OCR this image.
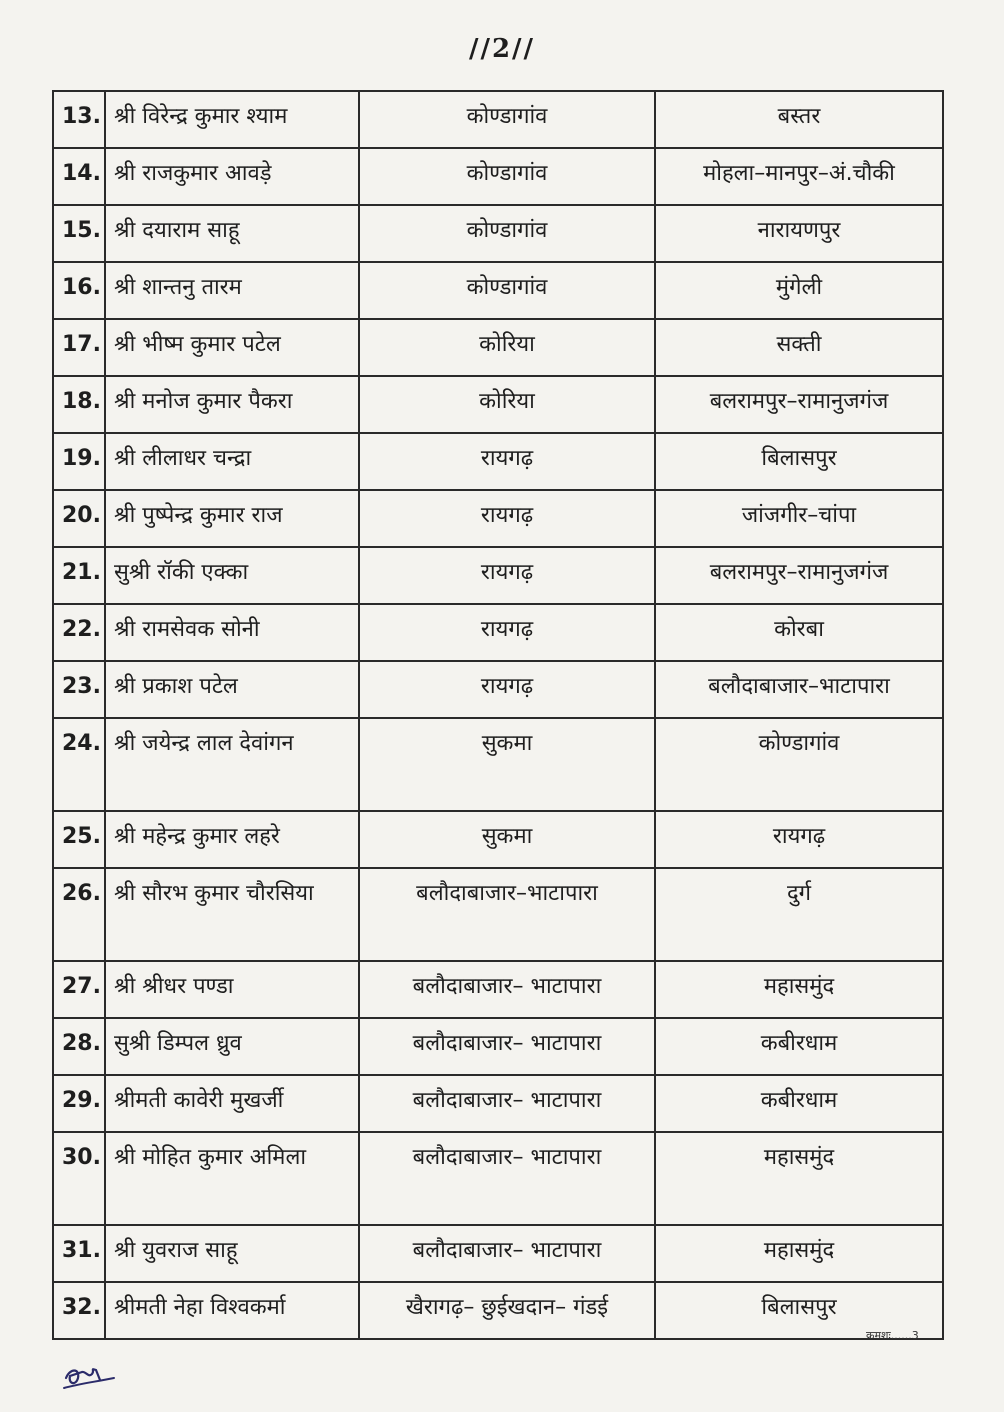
//2//
13.	श्री विरेन्द्र कुमार श्याम	कोण्डागांव	बस्तर
14.	श्री राजकुमार आवड़े	कोण्डागांव	मोहला–मानपुर–अं.चौकी
15.	श्री दयाराम साहू	कोण्डागांव	नारायणपुर
16.	श्री शान्तनु तारम	कोण्डागांव	मुंगेली
17.	श्री भीष्म कुमार पटेल	कोरिया	सक्ती
18.	श्री मनोज कुमार पैकरा	कोरिया	बलरामपुर–रामानुजगंज
19.	श्री लीलाधर चन्द्रा	रायगढ़	बिलासपुर
20.	श्री पुष्पेन्द्र कुमार राज	रायगढ़	जांजगीर–चांपा
21.	सुश्री रॉकी एक्का	रायगढ़	बलरामपुर–रामानुजगंज
22.	श्री रामसेवक सोनी	रायगढ़	कोरबा
23.	श्री प्रकाश पटेल	रायगढ़	बलौदाबाजार–भाटापारा
24.	श्री जयेन्द्र लाल देवांगन	सुकमा	कोण्डागांव
25.	श्री महेन्द्र कुमार लहरे	सुकमा	रायगढ़
26.	श्री सौरभ कुमार चौरसिया	बलौदाबाजार–भाटापारा	दुर्ग
27.	श्री श्रीधर पण्डा	बलौदाबाजार– भाटापारा	महासमुंद
28.	सुश्री डिम्पल ध्रुव	बलौदाबाजार– भाटापारा	कबीरधाम
29.	श्रीमती कावेरी मुखर्जी	बलौदाबाजार– भाटापारा	कबीरधाम
30.	श्री मोहित कुमार अमिला	बलौदाबाजार– भाटापारा	महासमुंद
31.	श्री युवराज साहू	बलौदाबाजार– भाटापारा	महासमुंद
32.	श्रीमती नेहा विश्वकर्मा	खैरागढ़– छुईखदान– गंडई	बिलासपुर
क्रमशः......3
